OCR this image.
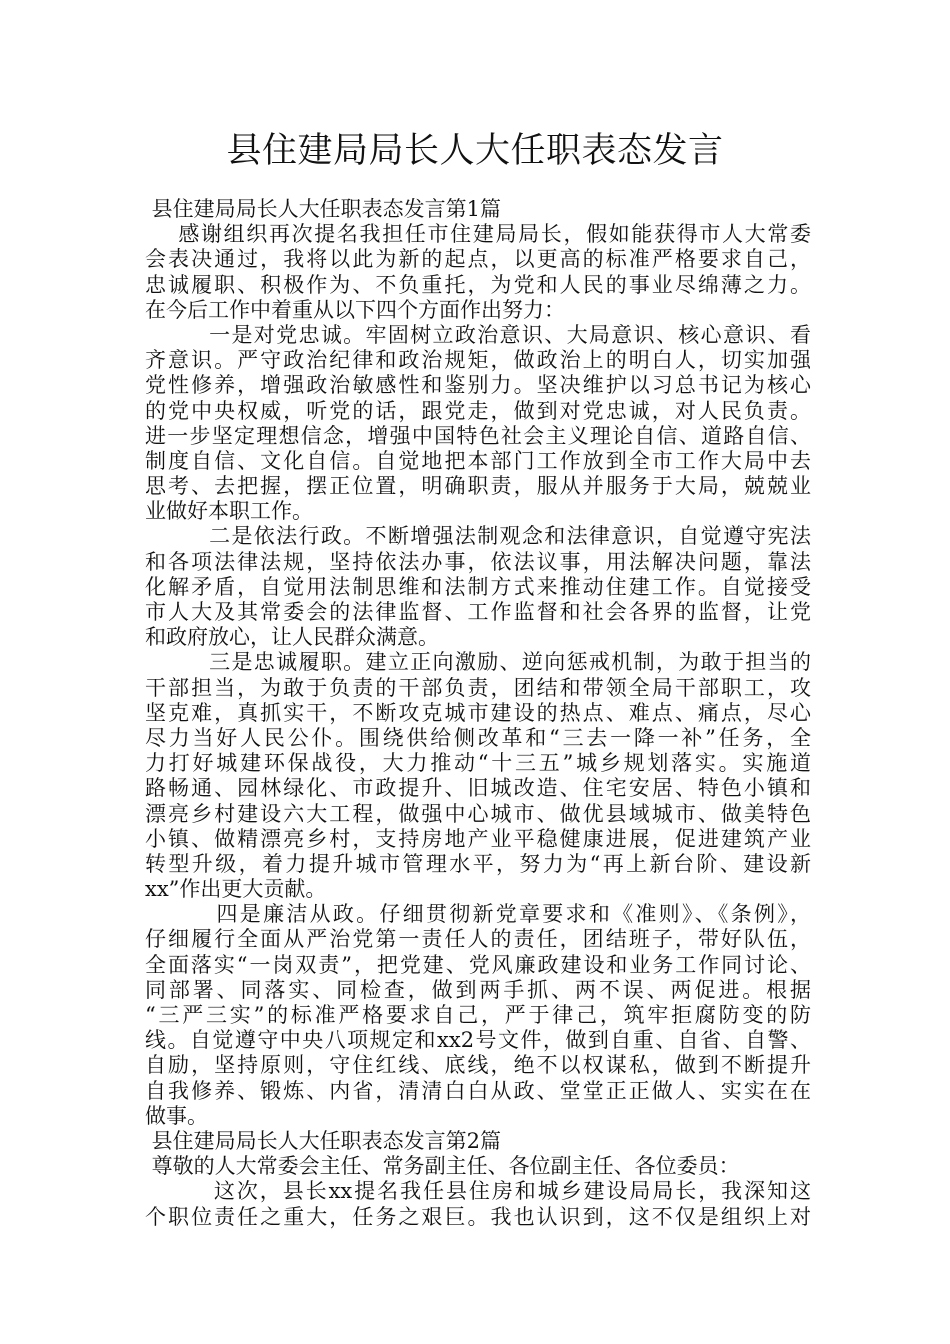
县住建局局长人大任职表态发言
县住建局局长人大任职表态发言第1篇
感谢组织再次提名我担任市住建局局长，假如能获得市人大常委
会表决通过，我将以此为新的起点，以更高的标准严格要求自己，
忠诚履职、积极作为、不负重托，为党和人民的事业尽绵薄之力。
在今后工作中着重从以下四个方面作出努力：
一是对党忠诚。牢固树立政治意识、大局意识、核心意识、看
齐意识。严守政治纪律和政治规矩，做政治上的明白人，切实加强
党性修养，增强政治敏感性和鉴别力。坚决维护以习总书记为核心
的党中央权威，听党的话，跟党走，做到对党忠诚，对人民负责。
进一步坚定理想信念，增强中国特色社会主义理论自信、道路自信、
制度自信、文化自信。自觉地把本部门工作放到全市工作大局中去
思考、去把握，摆正位置，明确职责，服从并服务于大局，兢兢业
业做好本职工作。
二是依法行政。不断增强法制观念和法律意识，自觉遵守宪法
和各项法律法规，坚持依法办事，依法议事，用法解决问题，靠法
化解矛盾，自觉用法制思维和法制方式来推动住建工作。自觉接受
市人大及其常委会的法律监督、工作监督和社会各界的监督，让党
和政府放心，让人民群众满意。
三是忠诚履职。建立正向激励、逆向惩戒机制，为敢于担当的
干部担当，为敢于负责的干部负责，团结和带领全局干部职工，攻
坚克难，真抓实干，不断攻克城市建设的热点、难点、痛点，尽心
尽力当好人民公仆。围绕供给侧改革和“三去一降一补”任务，全
力打好城建环保战役，大力推动“十三五”城乡规划落实。实施道
路畅通、园林绿化、市政提升、旧城改造、住宅安居、特色小镇和
漂亮乡村建设六大工程，做强中心城市、做优县域城市、做美特色
小镇、做精漂亮乡村，支持房地产业平稳健康进展，促进建筑产业
转型升级，着力提升城市管理水平，努力为“再上新台阶、建设新
xx”作出更大贡献。
四是廉洁从政。仔细贯彻新党章要求和《准则》、《条例》，
仔细履行全面从严治党第一责任人的责任，团结班子，带好队伍，
全面落实“一岗双责”，把党建、党风廉政建设和业务工作同讨论、
同部署、同落实、同检查，做到两手抓、两不误、两促进。根据
“三严三实”的标准严格要求自己，严于律己，筑牢拒腐防变的防
线。自觉遵守中央八项规定和xx2号文件，做到自重、自省、自警、
自励，坚持原则，守住红线、底线，绝不以权谋私，做到不断提升
自我修养、锻炼、内省，清清白白从政、堂堂正正做人、实实在在
做事。
县住建局局长人大任职表态发言第2篇
尊敬的人大常委会主任、常务副主任、各位副主任、各位委员：
这次，县长xx提名我任县住房和城乡建设局局长，我深知这
个职位责任之重大，任务之艰巨。我也认识到，这不仅是组织上对
